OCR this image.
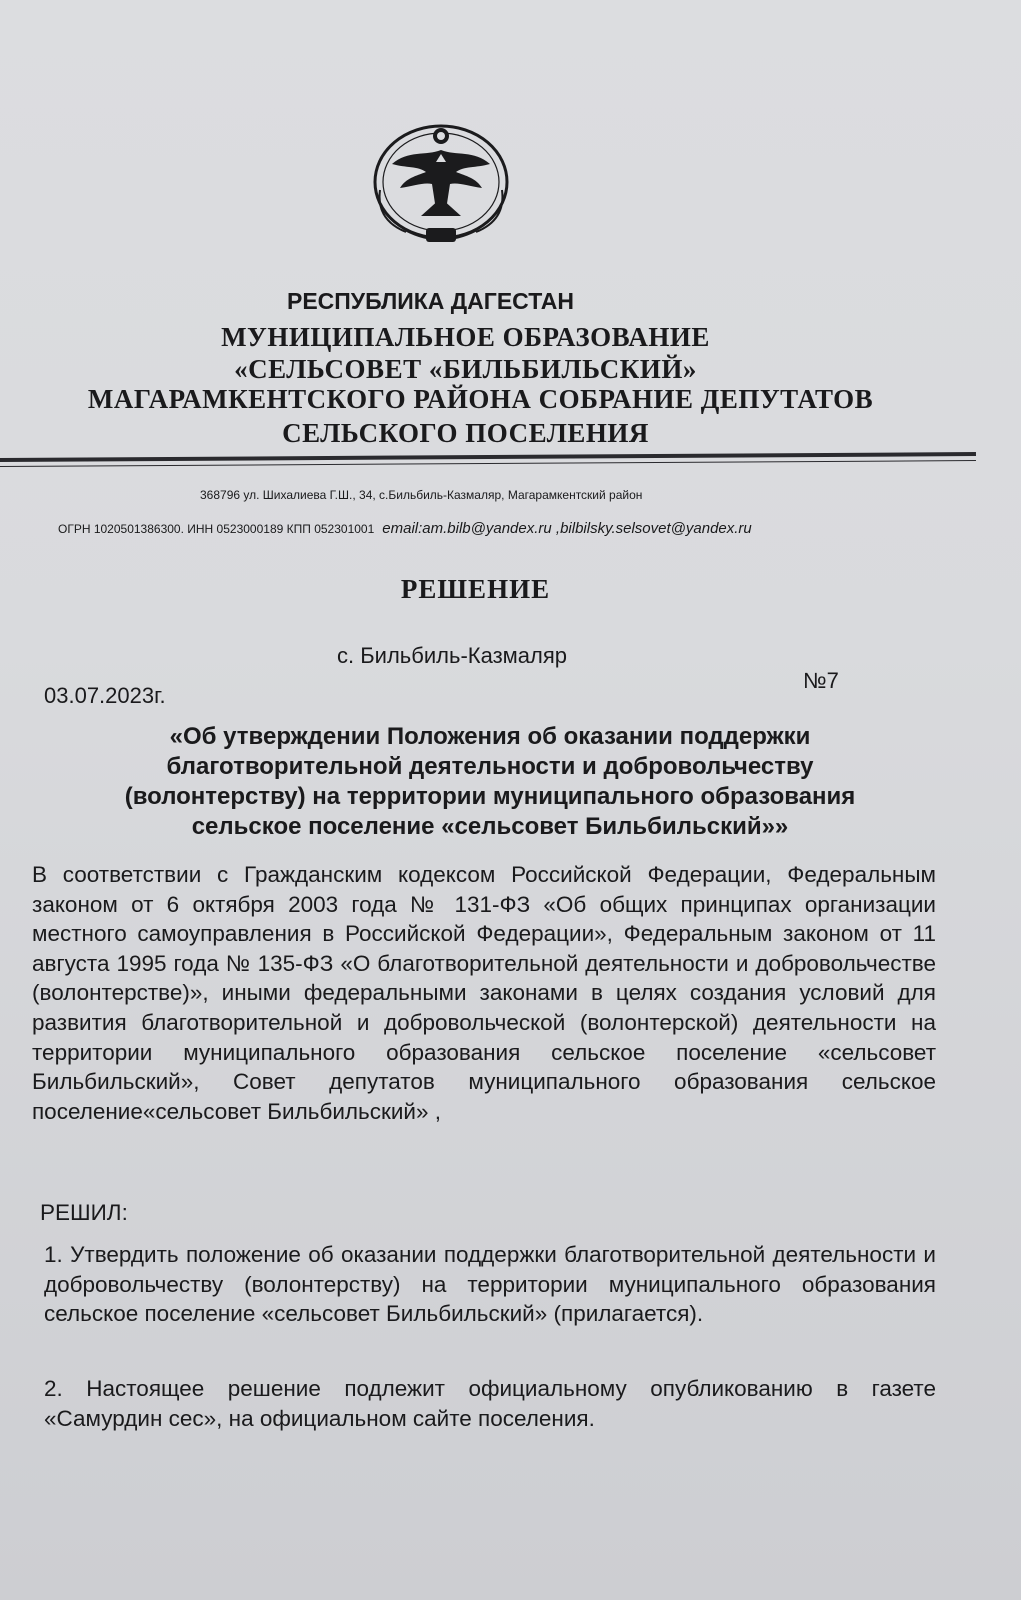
РЕСПУБЛИКА ДАГЕСТАН
МУНИЦИПАЛЬНОЕ ОБРАЗОВАНИЕ
«СЕЛЬСОВЕТ «БИЛЬБИЛЬСКИЙ»
МАГАРАМКЕНТСКОГО РАЙОНА СОБРАНИЕ ДЕПУТАТОВ
СЕЛЬСКОГО ПОСЕЛЕНИЯ
368796 ул. Шихалиева Г.Ш., 34, с.Бильбиль-Казмаляр, Магарамкентский район
ОГРН 1020501386300. ИНН 0523000189 КПП 052301001 email:am.bilb@yandex.ru ,bilbilsky.selsovet@yandex.ru
РЕШЕНИЕ
с. Бильбиль-Казмаляр
03.07.2023г.
№7
«Об утверждении Положения об оказании поддержки
благотворительной деятельности и добровольчеству
(волонтерству) на территории муниципального образования
сельское поселение «сельсовет Бильбильский»»
В соответствии с Гражданским кодексом Российской Федерации, Федеральным законом от 6 октября 2003 года № 131-ФЗ «Об общих принципах организации местного самоуправления в Российской Федерации», Федеральным законом от 11 августа 1995 года № 135-ФЗ «О благотворительной деятельности и добровольчестве (волонтерстве)», иными федеральными законами в целях создания условий для развития благотворительной и добровольческой (волонтерской) деятельности на территории муниципального образования сельское поселение «сельсовет Бильбильский», Совет депутатов муниципального образования сельское поселение«сельсовет Бильбильский» ,
РЕШИЛ:
1. Утвердить положение об оказании поддержки благотворительной деятельности и добровольчеству (волонтерству) на территории муниципального образования сельское поселение «сельсовет Бильбильский» (прилагается).
2. Настоящее решение подлежит официальному опубликованию в газете «Самурдин сес», на официальном сайте поселения.
